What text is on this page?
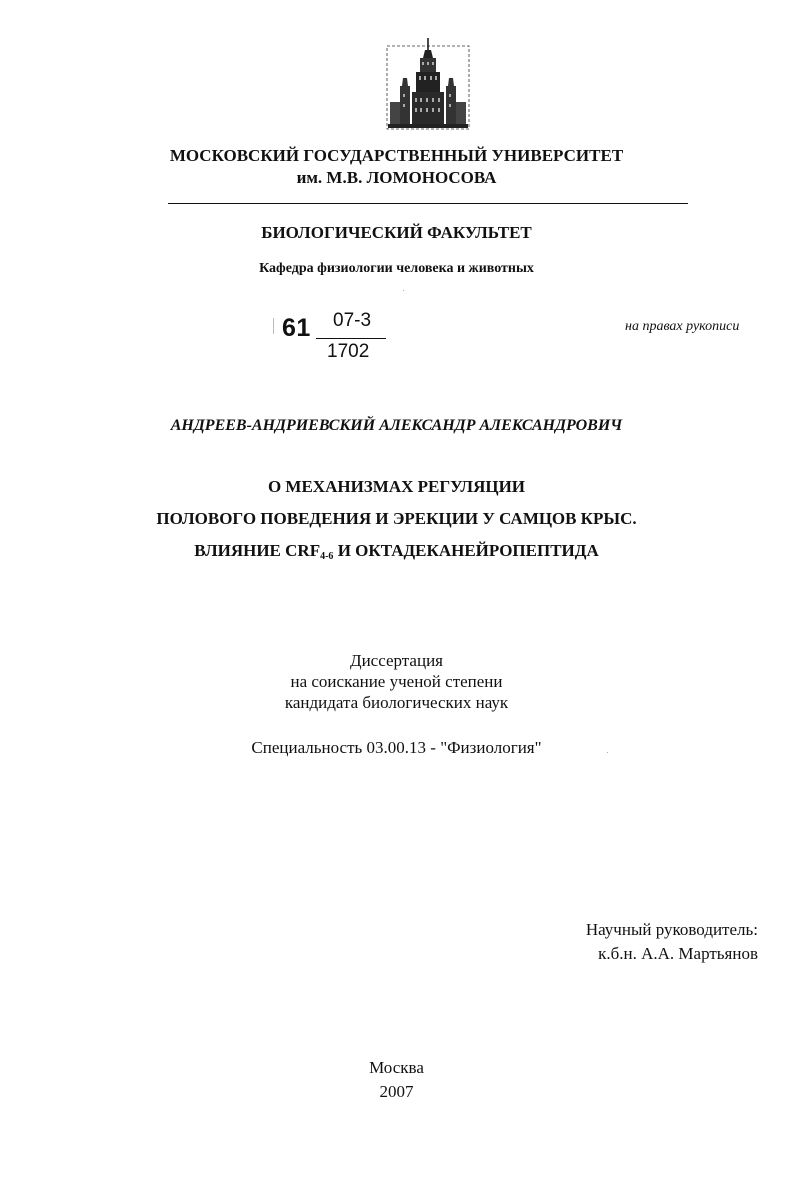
МОСКОВСКИЙ ГОСУДАРСТВЕННЫЙ УНИВЕРСИТЕТ
им. М.В. ЛОМОНОСОВА
БИОЛОГИЧЕСКИЙ ФАКУЛЬТЕТ
Кафедра физиологии человека и животных
61 07-3
1702
на правах рукописи
АНДРЕЕВ-АНДРИЕВСКИЙ АЛЕКСАНДР АЛЕКСАНДРОВИЧ
О МЕХАНИЗМАХ РЕГУЛЯЦИИ
ПОЛОВОГО ПОВЕДЕНИЯ И ЭРЕКЦИИ У САМЦОВ КРЫС.
ВЛИЯНИЕ $CRF_{4-6}$ И ОКТАДЕКАНЕЙРОПЕПТИДА
Диссертация
на соискание ученой степени
кандидата биологических наук
Специальность 03.00.13 - "Физиология"
Научный руководитель:
к.б.н. А.А. Мартьянов
Москва
2007
